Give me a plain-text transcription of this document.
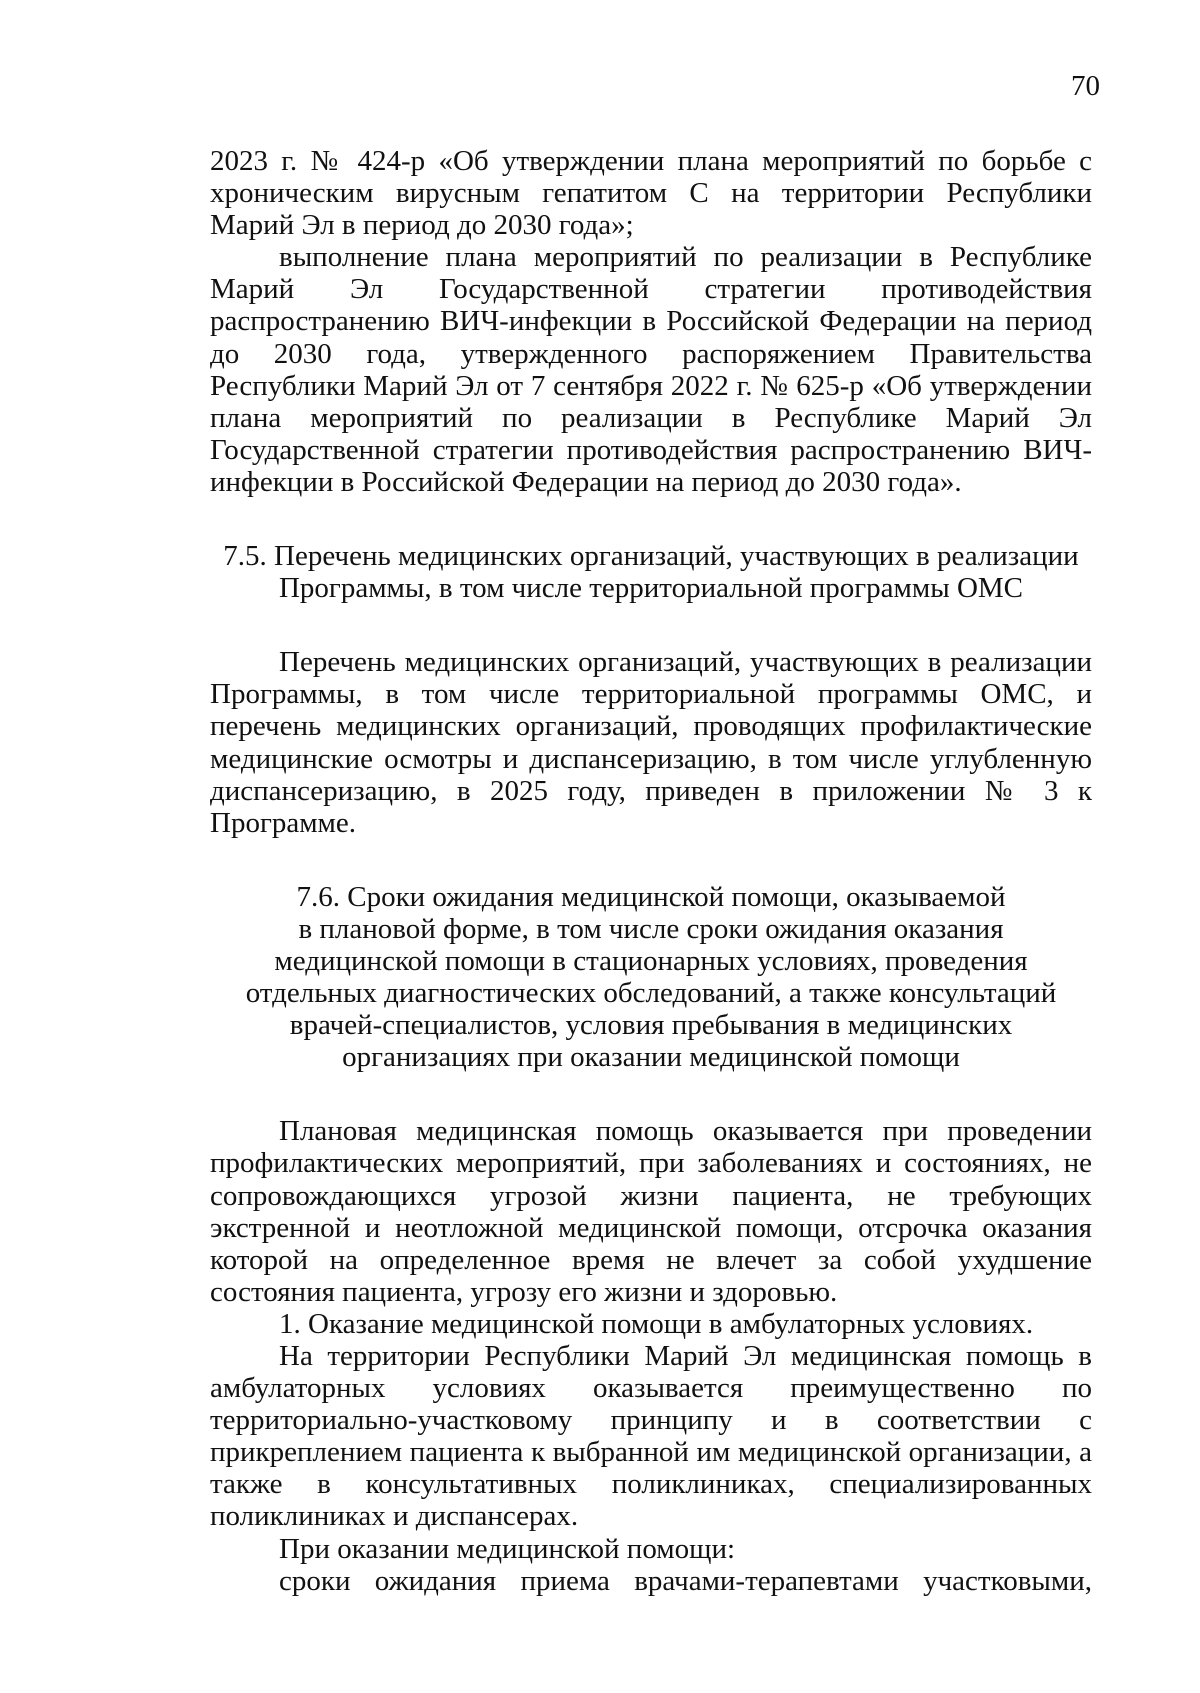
70

2023 г. № 424-р «Об утверждении плана мероприятий по борьбе с хроническим вирусным гепатитом С на территории Республики Марий Эл в период до 2030 года»;

выполнение плана мероприятий по реализации в Республике Марий Эл Государственной стратегии противодействия распространению ВИЧ-инфекции в Российской Федерации на период до 2030 года, утвержденного распоряжением Правительства Республики Марий Эл от 7 сентября 2022 г. № 625-р «Об утверждении плана мероприятий по реализации в Республике Марий Эл Государственной стратегии противодействия распространению ВИЧ-инфекции в Российской Федерации на период до 2030 года».

7.5. Перечень медицинских организаций, участвующих в реализации
Программы, в том числе территориальной программы ОМС

Перечень медицинских организаций, участвующих в реализации Программы, в том числе территориальной программы ОМС, и перечень медицинских организаций, проводящих профилактические медицинские осмотры и диспансеризацию, в том числе углубленную диспансеризацию, в 2025 году, приведен в приложении № 3 к Программе.

7.6. Сроки ожидания медицинской помощи, оказываемой
в плановой форме, в том числе сроки ожидания оказания
медицинской помощи в стационарных условиях, проведения
отдельных диагностических обследований, а также консультаций
врачей-специалистов, условия пребывания в медицинских
организациях при оказании медицинской помощи

Плановая медицинская помощь оказывается при проведении профилактических мероприятий, при заболеваниях и состояниях, не сопровождающихся угрозой жизни пациента, не требующих экстренной и неотложной медицинской помощи, отсрочка оказания которой на определенное время не влечет за собой ухудшение состояния пациента, угрозу его жизни и здоровью.

1. Оказание медицинской помощи в амбулаторных условиях.

На территории Республики Марий Эл медицинская помощь в амбулаторных условиях оказывается преимущественно по территориально-участковому принципу и в соответствии с прикреплением пациента к выбранной им медицинской организации, а также в консультативных поликлиниках, специализированных поликлиниках и диспансерах.

При оказании медицинской помощи:

сроки ожидания приема врачами-терапевтами участковыми,
